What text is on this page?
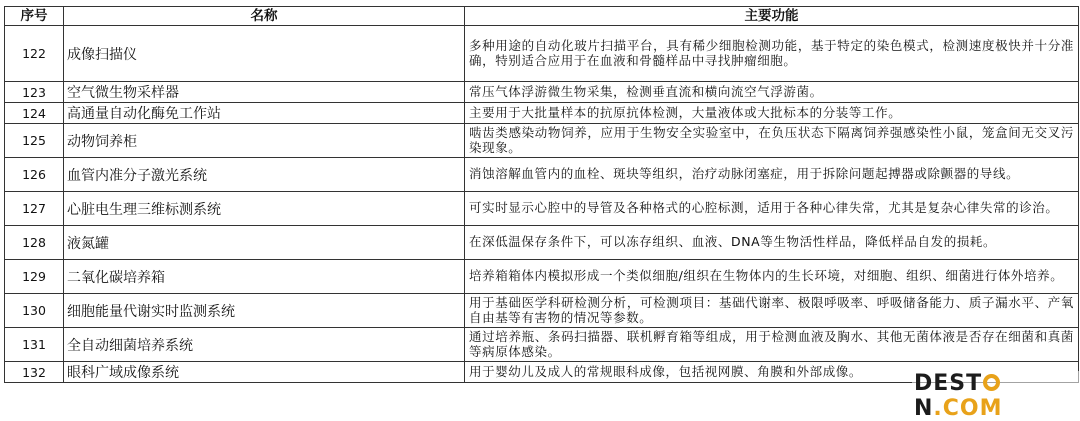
序号	名称	主要功能
122	成像扫描仪	多种用途的自动化玻片扫描平台，具有稀少细胞检测功能，基于特定的染色模式，检测速度极快并十分准确，特别适合应用于在血液和骨髓样品中寻找肿瘤细胞。
123	空气微生物采样器	常压气体浮游微生物采集，检测垂直流和横向流空气浮游菌。
124	高通量自动化酶免工作站	主要用于大批量样本的抗原抗体检测，大量液体或大批标本的分装等工作。
125	动物饲养柜	啮齿类感染动物饲养，应用于生物安全实验室中，在负压状态下隔离饲养强感染性小鼠，笼盒间无交叉污染现象。
126	血管内准分子激光系统	消蚀溶解血管内的血栓、斑块等组织，治疗动脉闭塞症，用于拆除问题起搏器或除颤器的导线。
127	心脏电生理三维标测系统	可实时显示心腔中的导管及各种格式的心腔标测，适用于各种心律失常，尤其是复杂心律失常的诊治。
128	液氮罐	在深低温保存条件下，可以冻存组织、血液、DNA等生物活性样品，降低样品自发的损耗。
129	二氧化碳培养箱	培养箱箱体内模拟形成一个类似细胞/组织在生物体内的生长环境，对细胞、组织、细菌进行体外培养。
130	细胞能量代谢实时监测系统	用于基础医学科研检测分析，可检测项目：基础代谢率、极限呼吸率、呼吸储备能力、质子漏水平、产氧自由基等有害物的情况等参数。
131	全自动细菌培养系统	通过培养瓶、条码扫描器、联机孵育箱等组成，用于检测血液及胸水、其他无菌体液是否存在细菌和真菌等病原体感染。
132	眼科广域成像系统	用于婴幼儿及成人的常规眼科成像，包括视网膜、角膜和外部成像。 DESTN.COM
